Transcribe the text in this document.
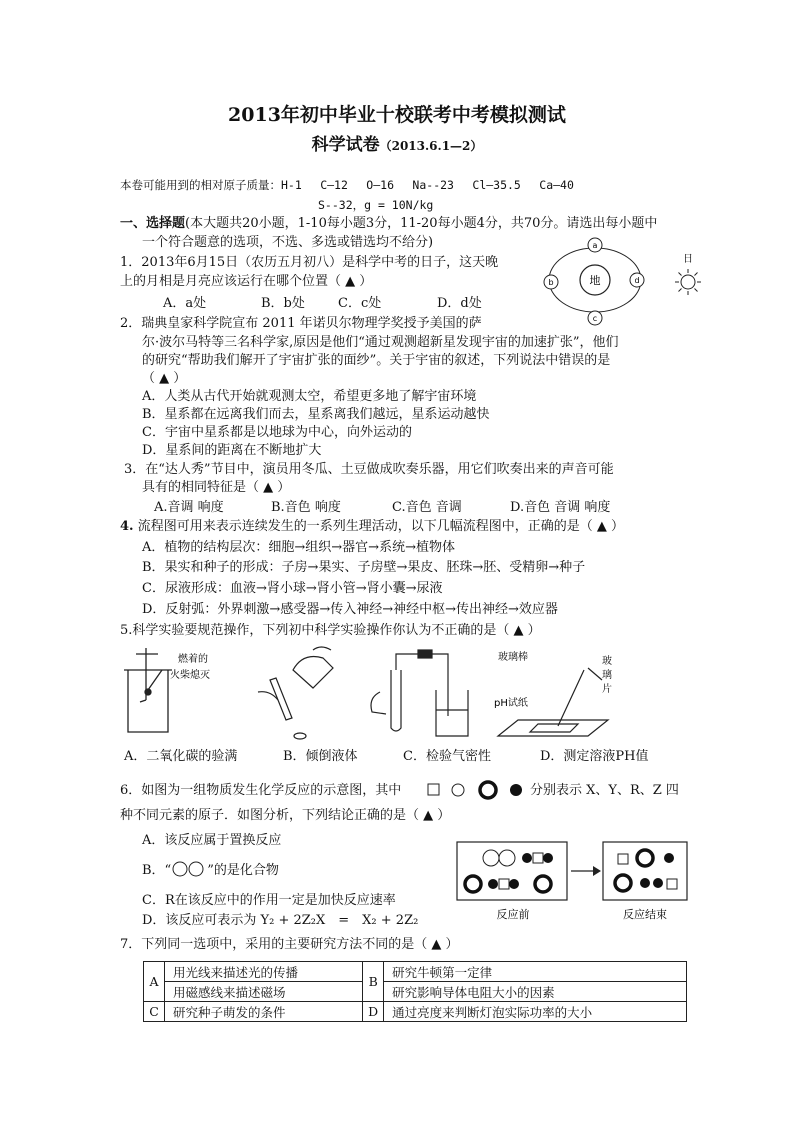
2013年初中毕业十校联考中考模拟测试
科学试卷（2013.6.1—2）
本卷可能用到的相对原子质量：H-1　 C—12　 O—16　 Na--23　 Cl—35.5　 Ca—40
S--32，g = 10N/kg
一、选择题(本大题共20小题，1-10每小题3分，11-20每小题4分，共70分。请选出每小题中
一个符合题意的选项，不选、多选或错选均不给分)
1．2013年6月15日（农历五月初八）是科学中考的日子，这天晚
上的月相是月亮应该运行在哪个位置（ ▲ ）
A．a处	B．b处	C．c处	D．d处
地
a
b
c
d
日
2．瑞典皇家科学院宣布 2011 年诺贝尔物理学奖授予美国的萨
尔·波尔马特等三名科学家,原因是他们“通过观测超新星发现宇宙的加速扩张”，他们
的研究“帮助我们解开了宇宙扩张的面纱”。关于宇宙的叙述，下列说法中错误的是
（ ▲ ）
A．人类从古代开始就观测太空，希望更多地了解宇宙环境
B．星系都在远离我们而去，星系离我们越远，星系运动越快
C．宇宙中星系都是以地球为中心，向外运动的
D．星系间的距离在不断地扩大
3．在“达人秀”节目中，演员用冬瓜、土豆做成吹奏乐器，用它们吹奏出来的声音可能
具有的相同特征是（ ▲ ）
A.音调 响度	B.音色 响度	C.音色 音调	D.音色 音调 响度
4. 流程图可用来表示连续发生的一系列生理活动，以下几幅流程图中，正确的是（ ▲ ）
A．植物的结构层次：细胞→组织→器官→系统→植物体
B．果实和种子的形成：子房→果实、子房壁→果皮、胚珠→胚、受精卵→种子
C．尿液形成：血液→肾小球→肾小管→肾小囊→尿液
D．反射弧：外界刺激→感受器→传入神经→神经中枢→传出神经→效应器
5.科学实验要规范操作，下列初中科学实验操作你认为不正确的是（ ▲ ）
燃着的
火柴熄灭
玻璃棒
pH试纸
玻
璃
片
A．二氧化碳的验满	B．倾倒液体	C．检验气密性	D．测定溶液PH值
6．如图为一组物质发生化学反应的示意图，其中	分别表示 X、Y、R、Z 四
种不同元素的原子．如图分析，下列结论正确的是（ ▲ ）
A．该反应属于置换反应
B．“	”的是化合物
C．R在该反应中的作用一定是加快反应速率
D．该反应可表示为 Y₂ + 2Z₂X　=　X₂ + 2Z₂	反应前	反应结束
7．下列同一选项中，采用的主要研究方法不同的是（ ▲ ）
A	用光线来描述光的传播	B	研究牛顿第一定律
	用磁感线来描述磁场		研究影响导体电阻大小的因素
C	研究种子萌发的条件	D	通过亮度来判断灯泡实际功率的大小
